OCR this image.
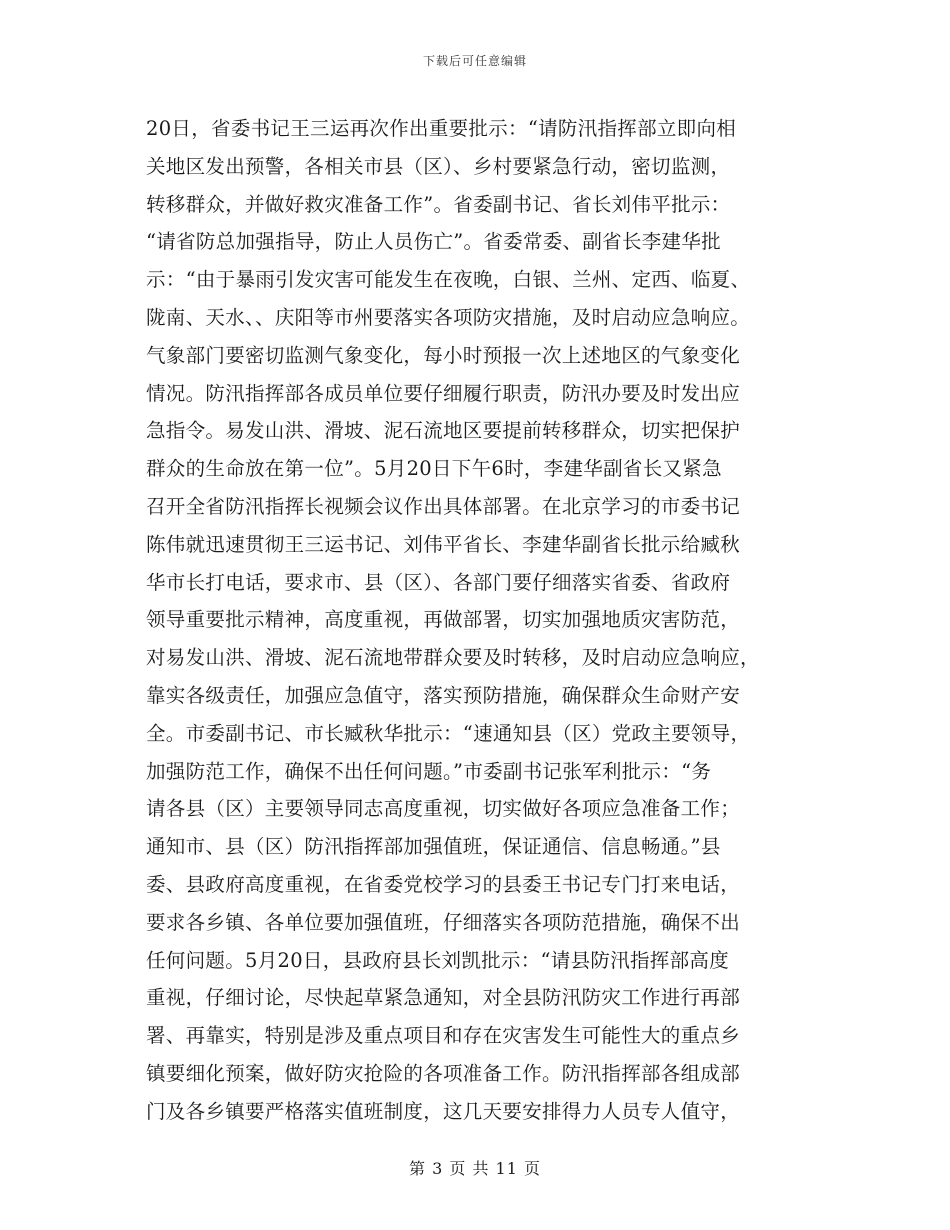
下载后可任意编辑
20日，省委书记王三运再次作出重要批示：“请防汛指挥部立即向相
关地区发出预警，各相关市县（区）、乡村要紧急行动，密切监测，
转移群众，并做好救灾准备工作”。省委副书记、省长刘伟平批示：
“请省防总加强指导，防止人员伤亡”。省委常委、副省长李建华批
示：“由于暴雨引发灾害可能发生在夜晚，白银、兰州、定西、临夏、
陇南、天水、、庆阳等市州要落实各项防灾措施，及时启动应急响应。
气象部门要密切监测气象变化，每小时预报一次上述地区的气象变化
情况。防汛指挥部各成员单位要仔细履行职责，防汛办要及时发出应
急指令。易发山洪、滑坡、泥石流地区要提前转移群众，切实把保护
群众的生命放在第一位”。5月20日下午6时，李建华副省长又紧急
召开全省防汛指挥长视频会议作出具体部署。在北京学习的市委书记
陈伟就迅速贯彻王三运书记、刘伟平省长、李建华副省长批示给臧秋
华市长打电话，要求市、县（区）、各部门要仔细落实省委、省政府
领导重要批示精神，高度重视，再做部署，切实加强地质灾害防范，
对易发山洪、滑坡、泥石流地带群众要及时转移，及时启动应急响应，
靠实各级责任，加强应急值守，落实预防措施，确保群众生命财产安
全。市委副书记、市长臧秋华批示：“速通知县（区）党政主要领导，
加强防范工作，确保不出任何问题。”市委副书记张军利批示：“务
请各县（区）主要领导同志高度重视，切实做好各项应急准备工作；
通知市、县（区）防汛指挥部加强值班，保证通信、信息畅通。”县
委、县政府高度重视，在省委党校学习的县委王书记专门打来电话，
要求各乡镇、各单位要加强值班，仔细落实各项防范措施，确保不出
任何问题。5月20日，县政府县长刘凯批示：“请县防汛指挥部高度
重视，仔细讨论，尽快起草紧急通知，对全县防汛防灾工作进行再部
署、再靠实，特别是涉及重点项目和存在灾害发生可能性大的重点乡
镇要细化预案，做好防灾抢险的各项准备工作。防汛指挥部各组成部
门及各乡镇要严格落实值班制度，这几天要安排得力人员专人值守，
第 3 页 共 11 页
